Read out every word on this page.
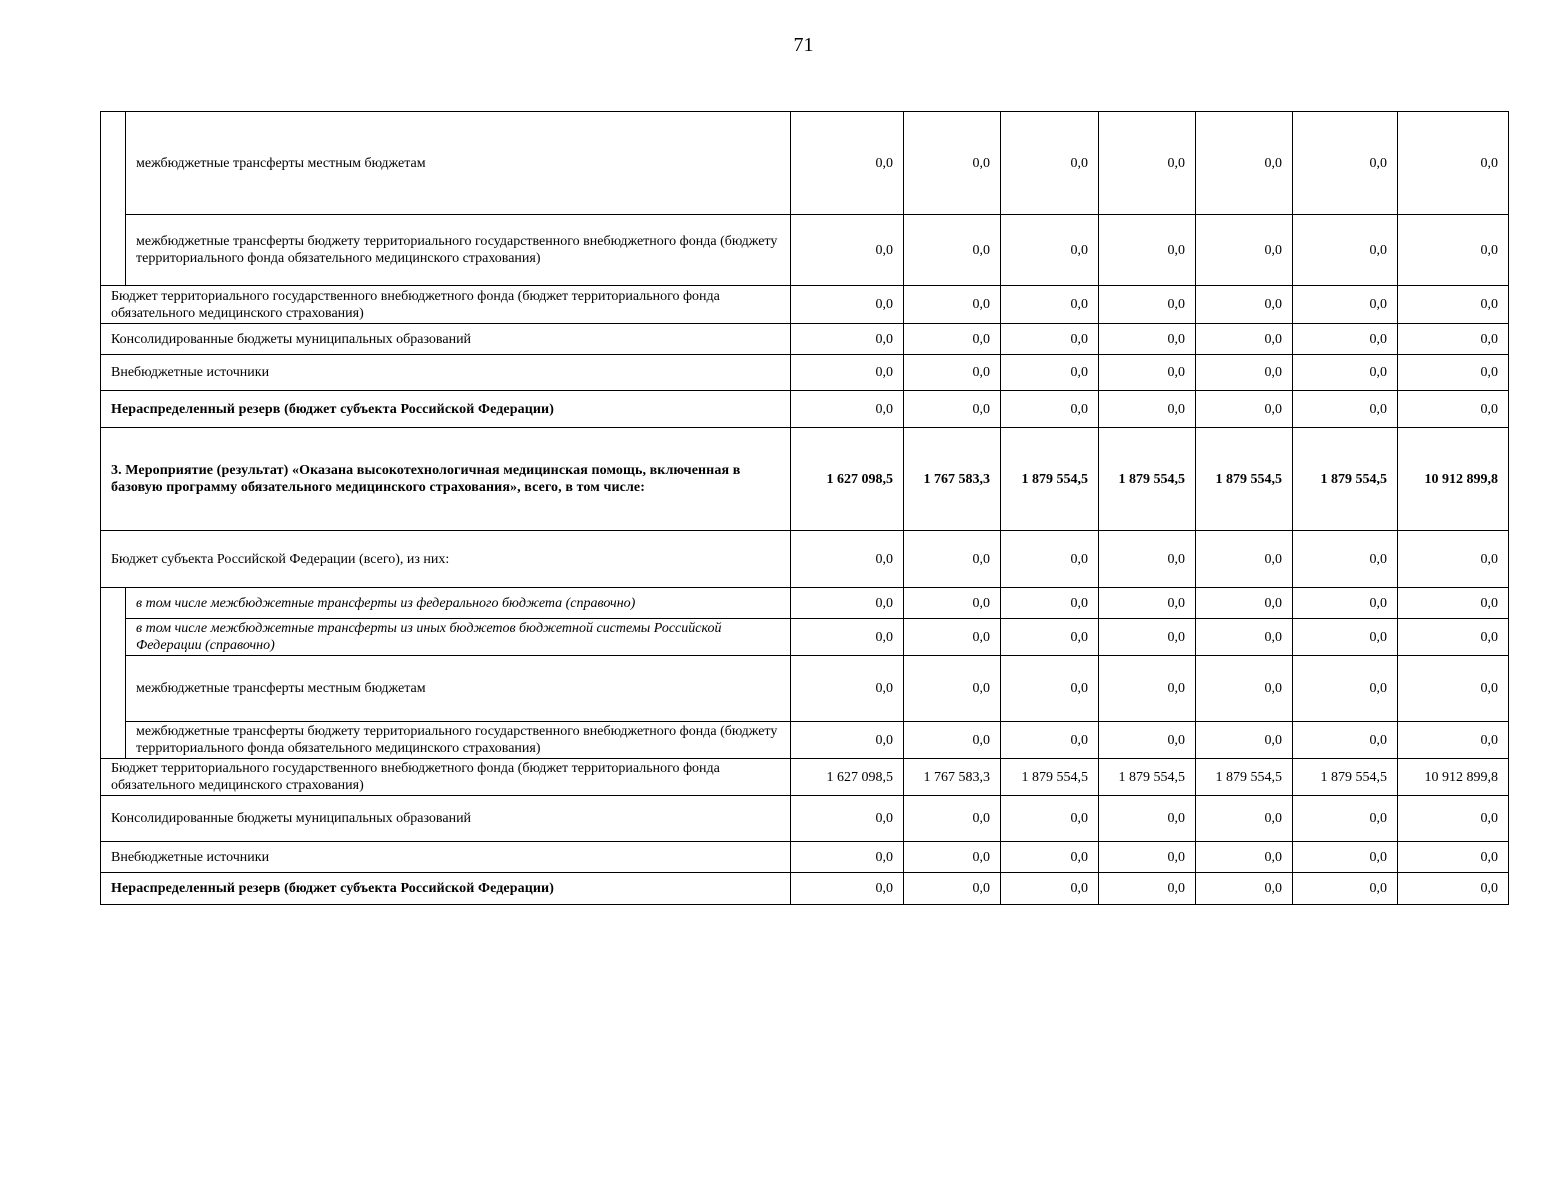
71
	межбюджетные трансферты местным бюджетам	0,0	0,0	0,0	0,0	0,0	0,0	0,0
	межбюджетные трансферты бюджету территориального государственного внебюджетного фонда (бюджету территориального фонда обязательного медицинского страхования)	0,0	0,0	0,0	0,0	0,0	0,0	0,0
Бюджет территориального государственного внебюджетного фонда (бюджет территориального фонда обязательного медицинского страхования)		0,0	0,0	0,0	0,0	0,0	0,0	0,0
Консолидированные бюджеты муниципальных образований		0,0	0,0	0,0	0,0	0,0	0,0	0,0
Внебюджетные источники		0,0	0,0	0,0	0,0	0,0	0,0	0,0
Нераспределенный резерв (бюджет субъекта Российской Федерации)		0,0	0,0	0,0	0,0	0,0	0,0	0,0
3. Мероприятие (результат) «Оказана высокотехнологичная медицинская помощь, включенная в базовую программу обязательного медицинского страхования», всего, в том числе:		1 627 098,5	1 767 583,3	1 879 554,5	1 879 554,5	1 879 554,5	1 879 554,5	10 912 899,8
Бюджет субъекта Российской Федерации (всего), из них:		0,0	0,0	0,0	0,0	0,0	0,0	0,0
	в том числе межбюджетные трансферты из федерального бюджета (справочно)	0,0	0,0	0,0	0,0	0,0	0,0	0,0
	в том числе межбюджетные трансферты из иных бюджетов бюджетной системы Российской Федерации (справочно)	0,0	0,0	0,0	0,0	0,0	0,0	0,0
	межбюджетные трансферты местным бюджетам	0,0	0,0	0,0	0,0	0,0	0,0	0,0
	межбюджетные трансферты бюджету территориального государственного внебюджетного фонда (бюджету территориального фонда обязательного медицинского страхования)	0,0	0,0	0,0	0,0	0,0	0,0	0,0
Бюджет территориального государственного внебюджетного фонда (бюджет территориального фонда обязательного медицинского страхования)		1 627 098,5	1 767 583,3	1 879 554,5	1 879 554,5	1 879 554,5	1 879 554,5	10 912 899,8
Консолидированные бюджеты муниципальных образований		0,0	0,0	0,0	0,0	0,0	0,0	0,0
Внебюджетные источники		0,0	0,0	0,0	0,0	0,0	0,0	0,0
Нераспределенный резерв (бюджет субъекта Российской Федерации)		0,0	0,0	0,0	0,0	0,0	0,0	0,0
